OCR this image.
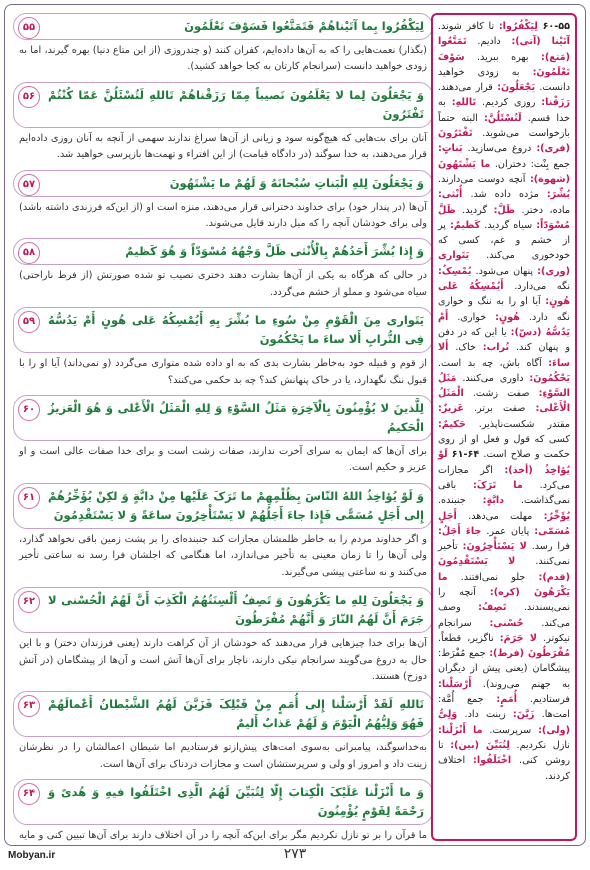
۵۵	لِیَکْفُرُوا بِما آتَیْناهُمْ فَتَمَتَّعُوا فَسَوْفَ تَعْلَمُونَ
(بگذار) نعمت‌هایی را که به آن‌ها داده‌ایم، کفران کنند (و چندروزی (از این متاع دنیا) بهره گیرند، اما به زودی خواهید دانست (سرانجام کارتان به کجا خواهد کشید).
۵۶	وَ یَجْعَلُونَ لِما لا یَعْلَمُونَ نَصیباً مِمّا رَزَقْناهُمْ تَاللهِ لَتُسْئَلُنَّ عَمّا کُنْتُمْ تَفْتَرُونَ
آنان برای بت‌هایی که هیچ‌گونه سود و زیانی از آن‌ها سراغ ندارند سهمی از آنچه به آنان روزی داده‌ایم قرار می‌دهند، به خدا سوگند (در دادگاه قیامت) از این افتراء و تهمت‌ها بازپرسی خواهید شد.
۵۷	وَ یَجْعَلُونَ لِلهِ الْبَناتِ سُبْحانَهُ وَ لَهُمْ ما یَشْتَهُونَ
آن‌ها (در پندار خود) برای خداوند دخترانی قرار می‌دهند، منزه است او (از این‌که فرزندی داشته باشد) ولی برای خودشان آنچه را که میل دارند قایل می‌شوند.
۵۸	وَ إِذا بُشِّرَ أَحَدُهُمْ بِالْأُنْثی ظَلَّ وَجْهُهُ مُسْوَدّاً وَ هُوَ کَظیمٌ
در حالی که هرگاه به یکی از آن‌ها بشارت دهند دختری نصیب تو شده صورتش (از فرط ناراحتی) سیاه می‌شود و مملو از خشم می‌گردد.
۵۹	یَتَواری مِنَ الْقَوْمِ مِنْ سُوءِ ما بُشِّرَ بِهِ أَیُمْسِکُهُ عَلی هُونٍ أَمْ یَدُسُّهُ فِی التُّرابِ أَلا ساءَ ما یَحْکُمُونَ
از قوم و قبیله خود به‌خاطر بشارت بدی که به او داده شده متواری می‌گردد (و نمی‌داند) آیا او را با قبول ننگ نگهدارد، یا در خاک پنهانش کند؟ چه بد حکمی می‌کنند؟
۶۰	لِلَّذینَ لا یُؤْمِنُونَ بِالْآخِرَةِ مَثَلُ السَّوْءِ وَ لِلهِ الْمَثَلُ الْأَعْلی وَ هُوَ الْعَزیزُ الْحَکیمُ
برای آن‌ها که ایمان به سرای آخرت ندارند، صفات زشت است و برای خدا صفات عالی است و او عزیز و حکیم است.
۶۱	وَ لَوْ یُؤاخِذُ اللهُ النّاسَ بِظُلْمِهِمْ ما تَرَکَ عَلَیْها مِنْ دابَّةٍ وَ لکِنْ یُؤَخِّرُهُمْ إِلی أَجَلٍ مُسَمًّی فَإِذا جاءَ أَجَلُهُمْ لا یَسْتَأْخِرُونَ ساعَةً وَ لا یَسْتَقْدِمُونَ
و اگر خداوند مردم را به خاطر ظلمشان مجازات کند جنبنده‌ای را بر پشت زمین باقی نخواهد گذارد، ولی آن‌ها را تا زمان معینی به تأخیر می‌اندازد، اما هنگامی که اجلشان فرا رسد نه ساعتی تأخیر می‌کنند و نه ساعتی پیشی می‌گیرند.
۶۲	وَ یَجْعَلُونَ لِلهِ ما یَکْرَهُونَ وَ تَصِفُ أَلْسِنَتُهُمُ الْکَذِبَ أَنَّ لَهُمُ الْحُسْنی لا جَرَمَ أَنَّ لَهُمُ النّارَ وَ أَنَّهُمْ مُفْرَطُونَ
آن‌ها برای خدا چیزهایی قرار می‌دهند که خودشان از آن کراهت دارند (یعنی فرزندان دختر) و با این حال به دروغ می‌گویند سرانجام نیکی دارند، ناچار برای آن‌ها آتش است و آن‌ها از پیشگامان (در آتش دوزخ) هستند.
۶۳	تَاللهِ لَقَدْ أَرْسَلْنا إِلی أُمَمٍ مِنْ قَبْلِکَ فَزَیَّنَ لَهُمُ الشَّیْطانُ أَعْمالَهُمْ فَهُوَ وَلِیُّهُمُ الْیَوْمَ وَ لَهُمْ عَذابٌ أَلیمٌ
به‌خداسوگند، پیامبرانی به‌سوی امت‌های پیش‌از‌تو فرستادیم اما شیطان اعمالشان را در نظرشان زینت داد و امروز او ولی و سرپرستشان است و مجازات دردناک برای آن‌ها است.
۶۴	وَ ما أَنْزَلْنا عَلَیْکَ الْکِتابَ إِلّا لِتُبَیِّنَ لَهُمُ الَّذِی اخْتَلَفُوا فیهِ وَ هُدیً وَ رَحْمَةً لِقَوْمٍ یُؤْمِنُونَ
ما قرآن را بر تو نازل نکردیم مگر برای این‌که آنچه را در آن اختلاف دارند برای آن‌ها تبیین کنی و مایه
۶۰-۵۵ لِیَکْفُرُوا: تا کافر شوند. آتَیْنا (آتی): دادیم. تَمَتَّعُوا (مَتع): بهره ببرید. سَوْفَ تَعْلَمُونَ: به زودی خواهید دانست. یَجْعَلُونَ: قرار می‌دهند. رَزَقْنا: روزی کردیم. تَاللهِ: به خدا قسم. لَتُسْئَلُنَّ: البته حتماً بازخواست می‌شوید. تَفْتَرُونَ (فری): دروغ می‌سازید. بَناتٍ: جمع بِنْت: دختران. ما یَشْتَهُونَ (شهوة): آنچه دوست می‌دارند. بُشِّرَ: مژده داده شد. أُنْثی: ماده، دختر. ظَلَّ: گردید. ظَلَّ مُسْوَدّاً: سیاه گردید. کَظیمٌ: پر از خشم و غم، کسی که خودخوری می‌کند. یَتَواری (وری): پنهان می‌شود. یُمْسِکُ: نگه می‌دارد. أَیُمْسِکُهُ عَلی هُونٍ: آیا او را به ننگ و خواری نگه دارد. هُونٍ: خواری. أَمْ یَدُسُّهُ (دسّ): یا این که در دفن و پنهان کند. تُراب: خاک. أَلا ساءَ: آگاه باش، چه بد است. یَحْکُمُونَ: داوری می‌کنند. مَثَلُ السَّوْءِ: صفت زشت. الْمَثَلُ الْأَعْلی: صفت برتر. عَزیزٌ: مقتدر شکست‌ناپذیر. حَکیمٌ: کسی که قول و فعل او از روی حکمت و صلاح است. ۶۴-۶۱ لَوْ یُؤاخِذُ (أخذ): اگر مجازات می‌کرد. ما تَرَکَ: باقی نمی‌گذاشت. دابَّةٍ: جنبنده. یُؤَخِّرُ: مهلت می‌دهد. أَجَلٍ مُسَمّی: پایان عمر. جاءَ أَجَلُ: فرا رسد. لا یَسْتَأْخِرُونَ: تأخیر نمی‌کنند. لا یَسْتَقْدِمُونَ (قدم): جلو نمی‌افتند. ما یَکْرَهُونَ (کره): آنچه را نمی‌پسندند. تَصِفُ: وصف می‌کند. حُسْنی: سرانجام نیکوتر. لا جَرَمَ: ناگزیر، قطعاً. مُفْرَطُونَ (فرط): جمع مُفْرَط: پیشگامان (یعنی پیش از دیگران به جهنم می‌روند). أَرْسَلْنا: فرستادیم. أُمَمٍ: جمع أُمَّة: امت‌ها. زَیَّنَ: زینت داد. وَلِیُّ (ولی): سرپرست. ما أَنْزَلْنا: نازل نکردیم. لِتُبَیِّنَ (بین): تا روشن کنی. اخْتَلَفُوا: اختلاف کردند.
Mobyan.ir	۲۷۳
